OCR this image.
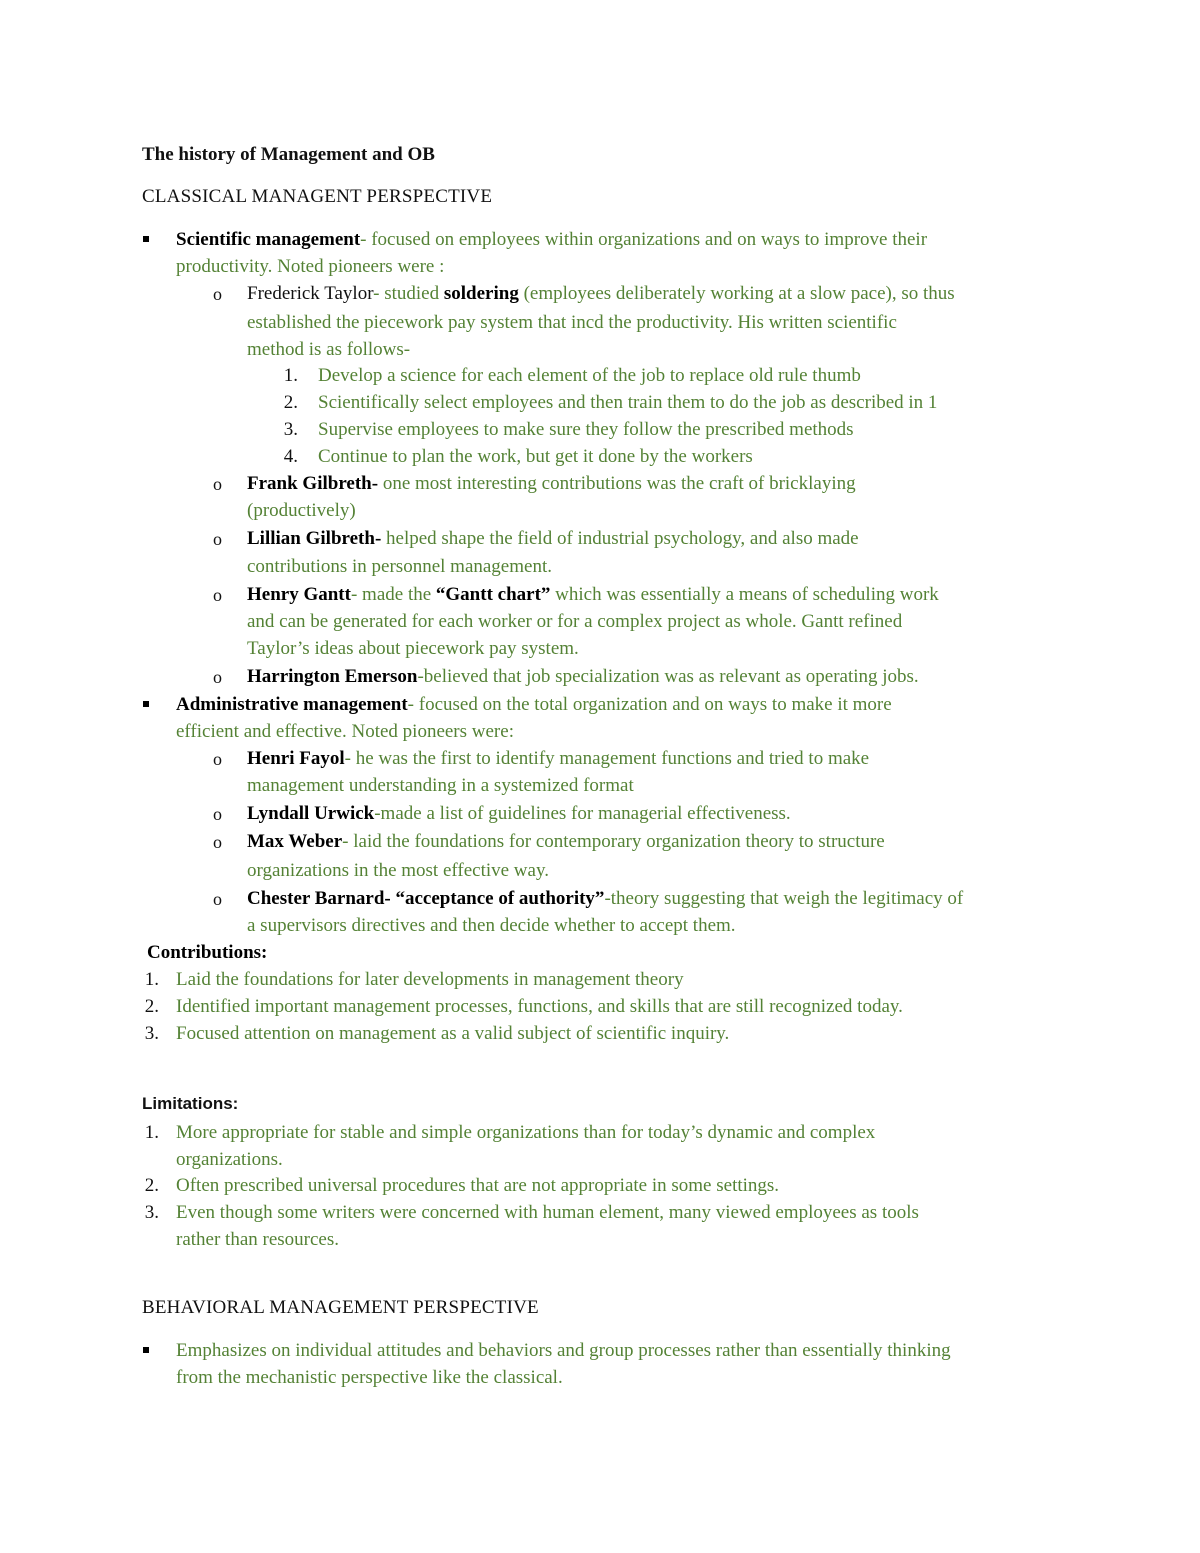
The history of Management and OB
CLASSICAL MANAGENT PERSPECTIVE
Scientific management- focused on employees within organizations and on ways to improve their
productivity. Noted pioneers were :
o Frederick Taylor- studied soldering (employees deliberately working at a slow pace), so thus
established the piecework pay system that incd the productivity. His written scientific
method is as follows-
1. Develop a science for each element of the job to replace old rule thumb
2. Scientifically select employees and then train them to do the job as described in 1
3. Supervise employees to make sure they follow the prescribed methods
4. Continue to plan the work, but get it done by the workers
o Frank Gilbreth- one most interesting contributions was the craft of bricklaying
(productively)
o Lillian Gilbreth- helped shape the field of industrial psychology, and also made
contributions in personnel management.
o Henry Gantt- made the “Gantt chart” which was essentially a means of scheduling work
and can be generated for each worker or for a complex project as whole. Gantt refined
Taylor’s ideas about piecework pay system.
o Harrington Emerson-believed that job specialization was as relevant as operating jobs.
Administrative management- focused on the total organization and on ways to make it more
efficient and effective. Noted pioneers were:
o Henri Fayol- he was the first to identify management functions and tried to make
management understanding in a systemized format
o Lyndall Urwick-made a list of guidelines for managerial effectiveness.
o Max Weber- laid the foundations for contemporary organization theory to structure
organizations in the most effective way.
o Chester Barnard- “acceptance of authority”-theory suggesting that weigh the legitimacy of
a supervisors directives and then decide whether to accept them.
Contributions:
1. Laid the foundations for later developments in management theory
2. Identified important management processes, functions, and skills that are still recognized today.
3. Focused attention on management as a valid subject of scientific inquiry.
Limitations:
1. More appropriate for stable and simple organizations than for today’s dynamic and complex
organizations.
2. Often prescribed universal procedures that are not appropriate in some settings.
3. Even though some writers were concerned with human element, many viewed employees as tools
rather than resources.
BEHAVIORAL MANAGEMENT PERSPECTIVE
Emphasizes on individual attitudes and behaviors and group processes rather than essentially thinking
from the mechanistic perspective like the classical.
